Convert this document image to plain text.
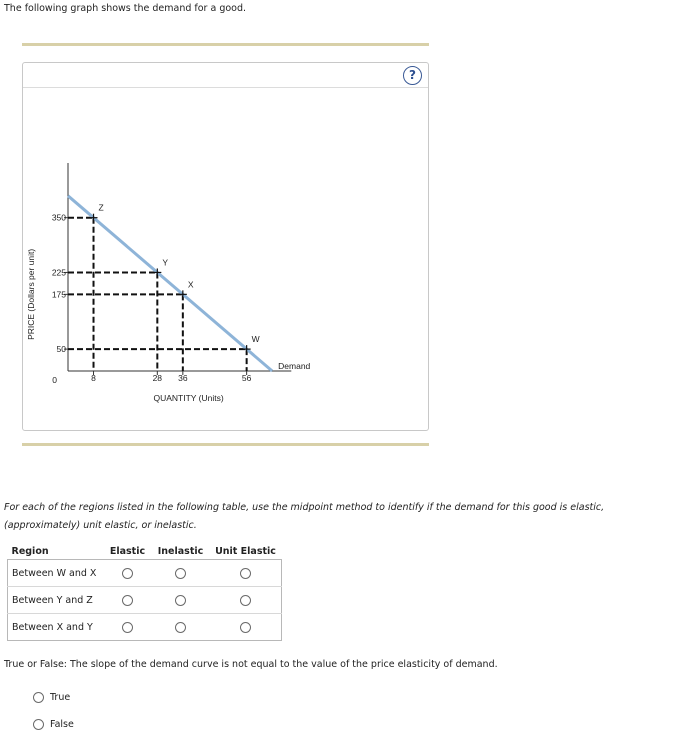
The following graph shows the demand for a good.
?
QUANTITY (Units)
PRICE (Dollars per unit)
0
350
225
175
50
8	28 36	56
Demand
Z
Y
X
W
For each of the regions listed in the following table, use the midpoint method to identify if the demand for this good is elastic, (approximately) unit elastic, or inelastic.
Region	Elastic	Inelastic	Unit Elastic
Between W and X			
Between Y and Z			
Between X and Y			
True or False: The slope of the demand curve is not equal to the value of the price elasticity of demand.
True
False
